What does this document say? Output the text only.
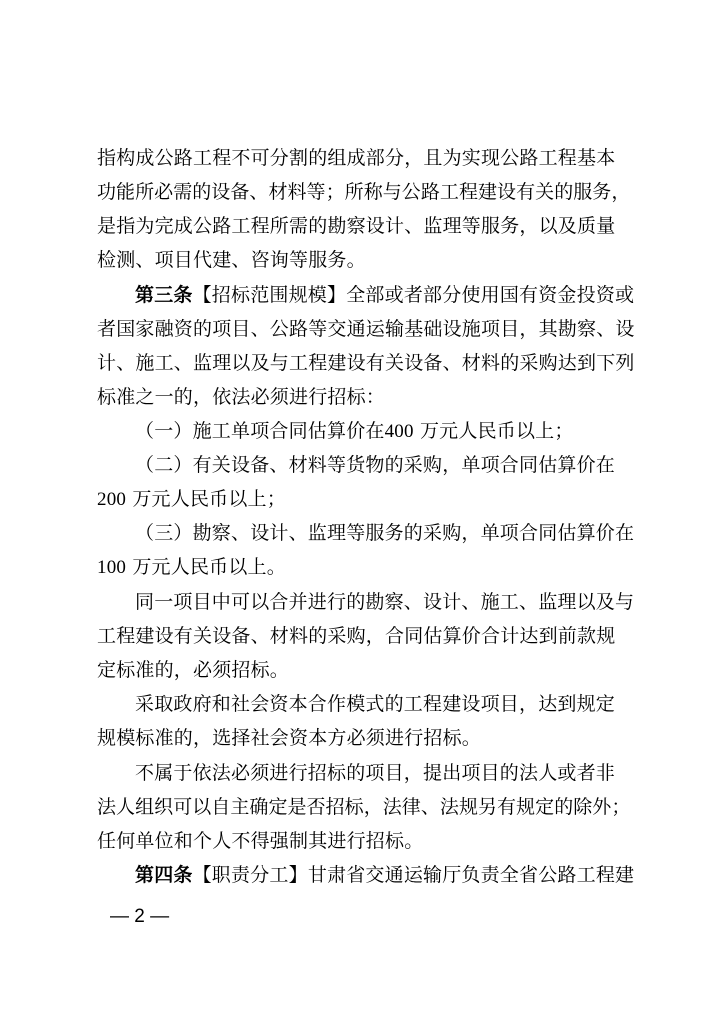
指构成公路工程不可分割的组成部分，且为实现公路工程基本
功能所必需的设备、材料等；所称与公路工程建设有关的服务，
是指为完成公路工程所需的勘察设计、监理等服务，以及质量
检测、项目代建、咨询等服务。
第三条【招标范围规模】全部或者部分使用国有资金投资或
者国家融资的项目、公路等交通运输基础设施项目，其勘察、设
计、施工、监理以及与工程建设有关设备、材料的采购达到下列
标准之一的，依法必须进行招标：
（一）施工单项合同估算价在400 万元人民币以上；
（二）有关设备、材料等货物的采购，单项合同估算价在
200 万元人民币以上；
（三）勘察、设计、监理等服务的采购，单项合同估算价在
100 万元人民币以上。
同一项目中可以合并进行的勘察、设计、施工、监理以及与
工程建设有关设备、材料的采购，合同估算价合计达到前款规
定标准的，必须招标。
采取政府和社会资本合作模式的工程建设项目，达到规定
规模标准的，选择社会资本方必须进行招标。
不属于依法必须进行招标的项目，提出项目的法人或者非
法人组织可以自主确定是否招标，法律、法规另有规定的除外；
任何单位和个人不得强制其进行招标。
第四条【职责分工】甘肃省交通运输厅负责全省公路工程建
— 2 —
